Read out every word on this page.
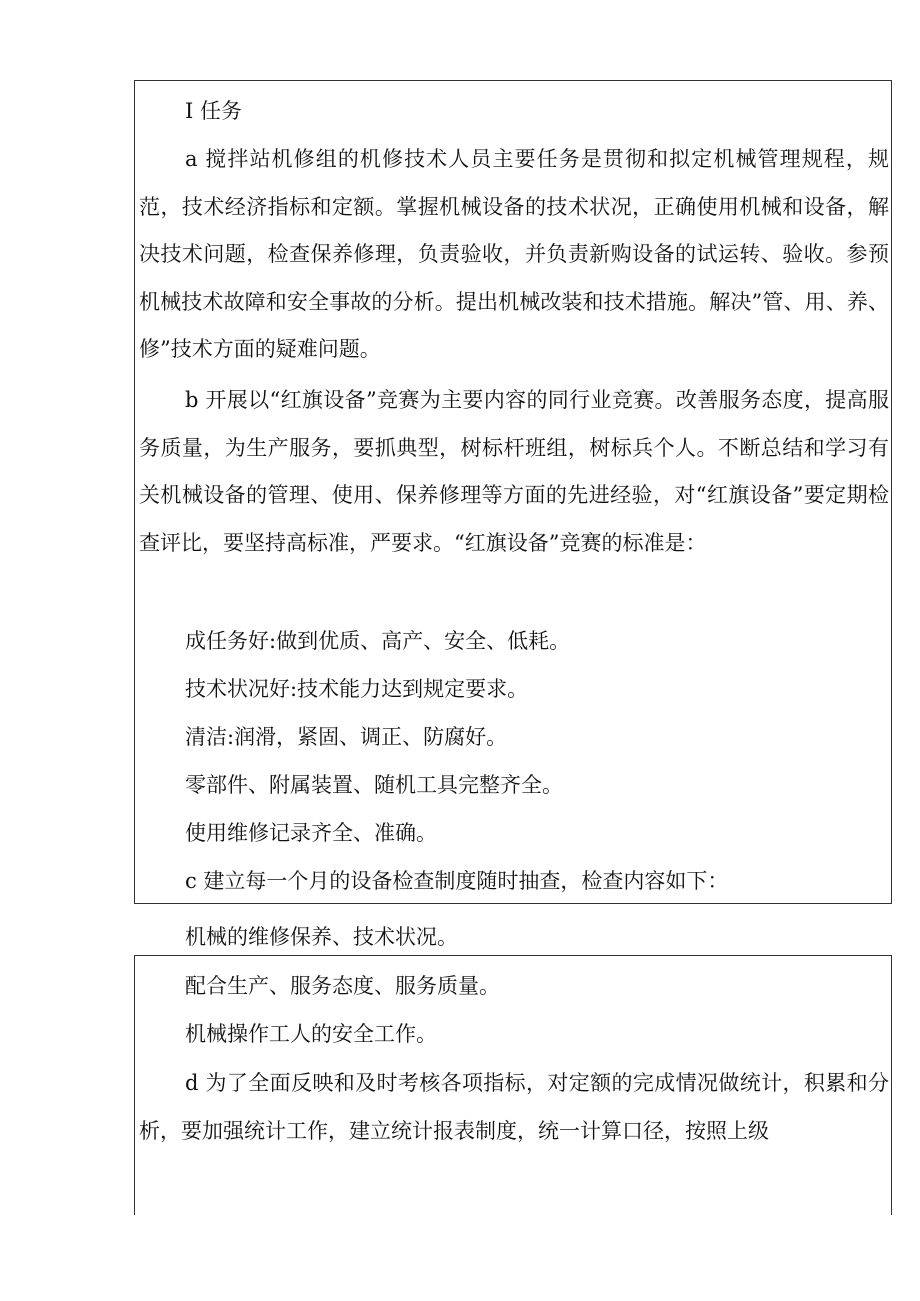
I 任务

a 搅拌站机修组的机修技术人员主要任务是贯彻和拟定机械管理规程，规范，技术经济指标和定额。掌握机械设备的技术状况，正确使用机械和设备，解决技术问题，检查保养修理，负责验收，并负责新购设备的试运转、验收。参预机械技术故障和安全事故的分析。提出机械改装和技术措施。解决”管、用、养、修”技术方面的疑难问题。

b 开展以“红旗设备”竞赛为主要内容的同行业竞赛。改善服务态度，提高服务质量，为生产服务，要抓典型，树标杆班组，树标兵个人。不断总结和学习有关机械设备的管理、使用、保养修理等方面的先进经验，对“红旗设备”要定期检查评比，要坚持高标准，严要求。“红旗设备”竞赛的标准是：

成任务好:做到优质、高产、安全、低耗。

技术状况好:技术能力达到规定要求。

清洁:润滑，紧固、调正、防腐好。

零部件、附属装置、随机工具完整齐全。

使用维修记录齐全、准确。

c 建立每一个月的设备检查制度随时抽查，检查内容如下：

机械的维修保养、技术状况。

配合生产、服务态度、服务质量。

机械操作工人的安全工作。

d 为了全面反映和及时考核各项指标，对定额的完成情况做统计，积累和分析，要加强统计工作，建立统计报表制度，统一计算口径，按照上级
